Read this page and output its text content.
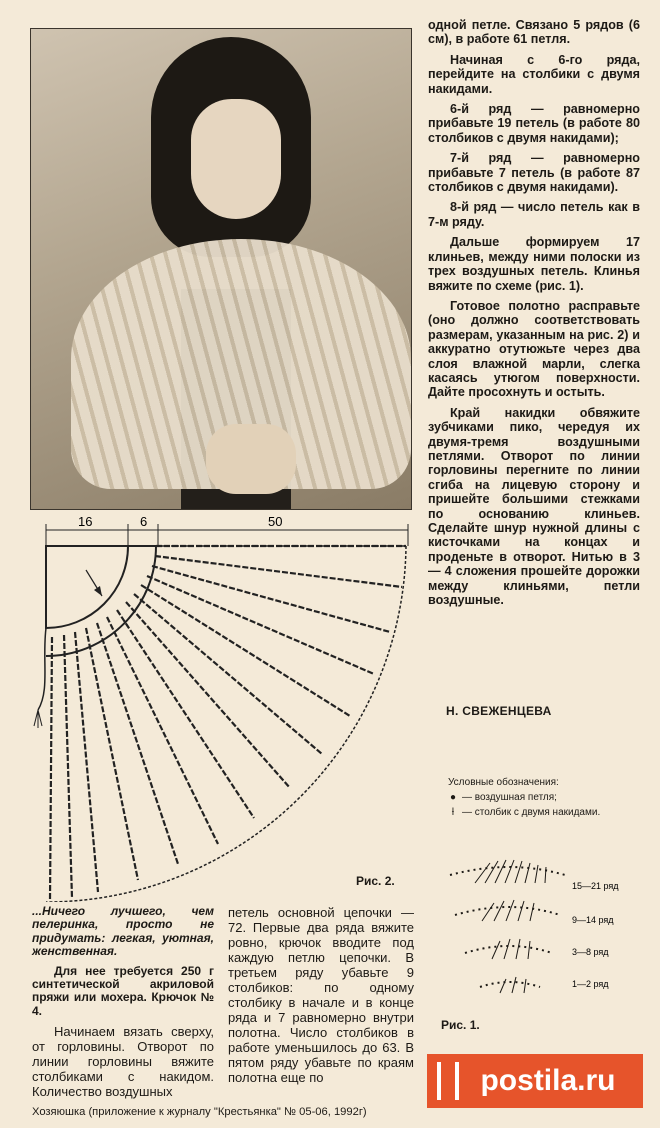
одной петле. Связано 5 рядов (6 см), в работе 61 петля.

Начиная с 6-го ряда, перейдите на столбики с двумя накидами.

6-й ряд — равномерно прибавьте 19 петель (в работе 80 столбиков с двумя накидами);

7-й ряд — равномерно прибавьте 7 петель (в работе 87 столбиков с двумя накидами).

8-й ряд — число петель как в 7-м ряду.

Дальше формируем 17 клиньев, между ними полоски из трех воздушных петель. Клинья вяжите по схеме (рис. 1).

Готовое полотно расправьте (оно должно соответствовать размерам, указанным на рис. 2) и аккуратно отутюжьте через два слоя влажной марли, слегка касаясь утюгом поверхности. Дайте просохнуть и остыть.

Край накидки обвяжите зубчиками пико, чередуя их двумя-тремя воздушными петлями. Отворот по линии горловины перегните по линии сгиба на лицевую сторону и пришейте большими стежками по основанию клиньев. Сделайте шнур нужной длины с кисточками на концах и проденьте в отворот. Нитью в 3 — 4 сложения прошейте дорожки между клиньями, петли воздушные.

Н. СВЕЖЕНЦЕВА
Условные обозначения:
● — воздушная петля;
ƚ — столбик с двумя накидами.
16	6	50
Рис. 2.	15—21 ряд
9—14 ряд
3—8 ряд
1—2 ряд
Рис. 1.

...Ничего лучшего, чем пелеринка, просто не придумать: легкая, уютная, женственная.

Для нее требуется 250 г синтетической акриловой пряжи или мохера. Крючок № 4.

Начинаем вязать сверху, от горловины. Отворот по линии горловины вяжите столбиками с накидом. Количество воздушных

петель основной цепочки — 72. Первые два ряда вяжите ровно, крючок вводите под каждую петлю цепочки. В третьем ряду убавьте 9 столбиков: по одному столбику в начале и в конце ряда и 7 равномерно внутри полотна. Число столбиков в работе уменьшилось до 63. В пятом ряду убавьте по краям полотна еще по

Хозяюшка (приложение к журналу "Крестьянка" № 05-06, 1992г)
postila.ru
